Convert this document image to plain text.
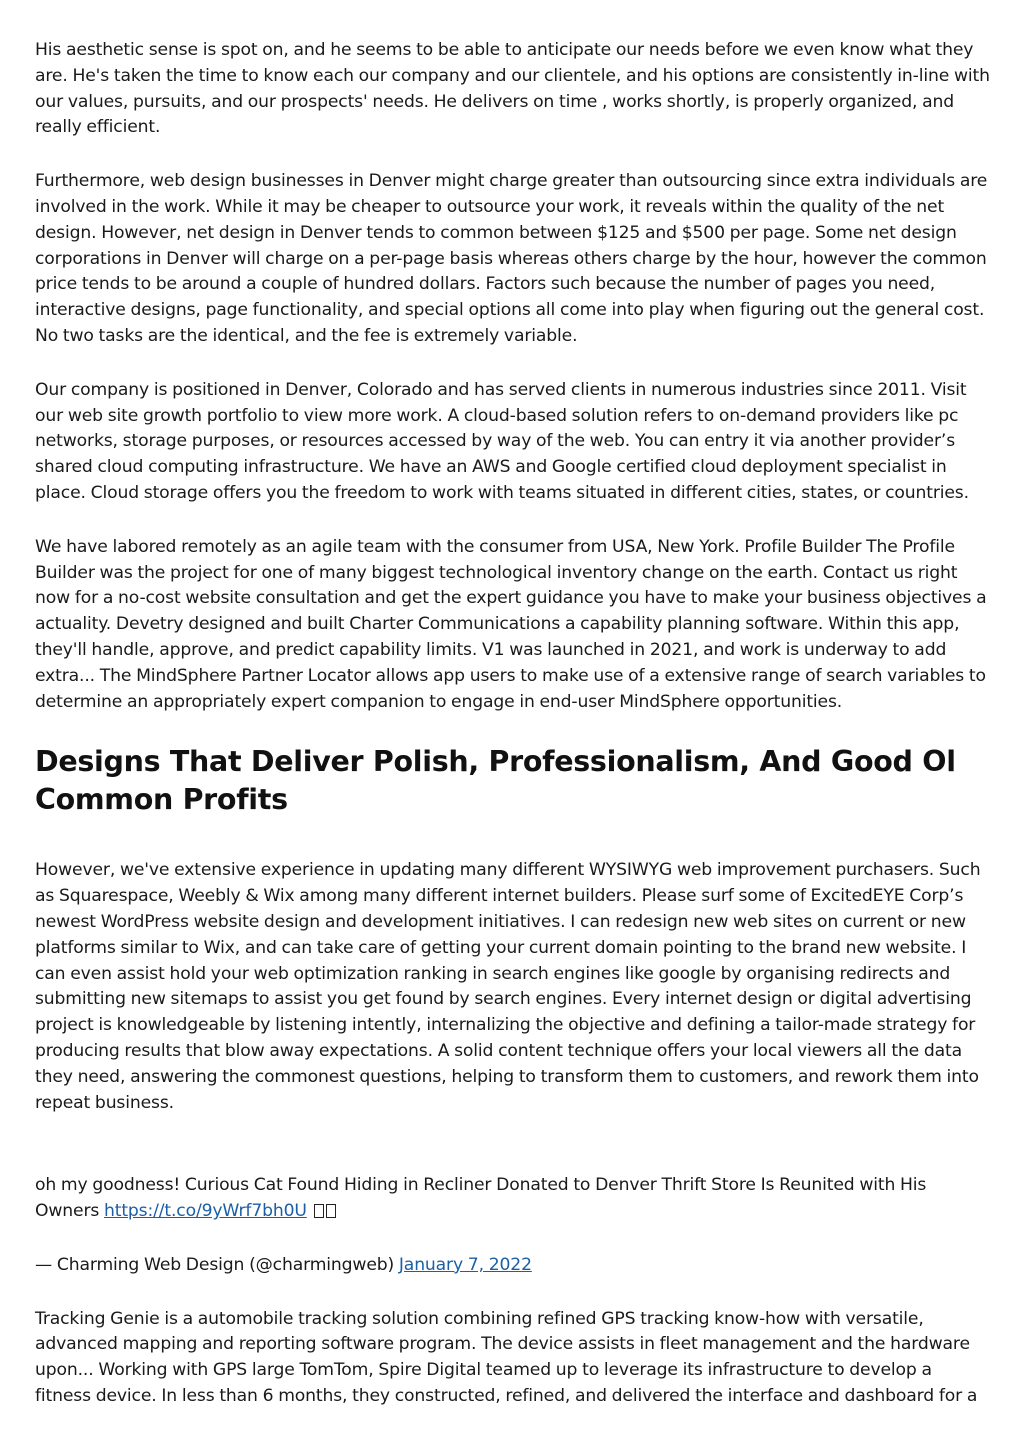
His aesthetic sense is spot on, and he seems to be able to anticipate our needs before we even know what they are. He's taken the time to know each our company and our clientele, and his options are consistently in-line with our values, pursuits, and our prospects' needs. He delivers on time , works shortly, is properly organized, and really efficient.

Furthermore, web design businesses in Denver might charge greater than outsourcing since extra individuals are involved in the work. While it may be cheaper to outsource your work, it reveals within the quality of the net design. However, net design in Denver tends to common between $125 and $500 per page. Some net design corporations in Denver will charge on a per-page basis whereas others charge by the hour, however the common price tends to be around a couple of hundred dollars. Factors such because the number of pages you need, interactive designs, page functionality, and special options all come into play when figuring out the general cost. No two tasks are the identical, and the fee is extremely variable.

Our company is positioned in Denver, Colorado and has served clients in numerous industries since 2011. Visit our web site growth portfolio to view more work. A cloud-based solution refers to on-demand providers like pc networks, storage purposes, or resources accessed by way of the web. You can entry it via another provider’s shared cloud computing infrastructure. We have an AWS and Google certified cloud deployment specialist in place. Cloud storage offers you the freedom to work with teams situated in different cities, states, or countries.

We have labored remotely as an agile team with the consumer from USA, New York. Profile Builder The Profile Builder was the project for one of many biggest technological inventory change on the earth. Contact us right now for a no-cost website consultation and get the expert guidance you have to make your business objectives a actuality. Devetry designed and built Charter Communications a capability planning software. Within this app, they'll handle, approve, and predict capability limits. V1 was launched in 2021, and work is underway to add extra... The MindSphere Partner Locator allows app users to make use of a extensive range of search variables to determine an appropriately expert companion to engage in end-user MindSphere opportunities.

Designs That Deliver Polish, Professionalism, And Good Ol Common Profits

However, we've extensive experience in updating many different WYSIWYG web improvement purchasers. Such as Squarespace, Weebly & Wix among many different internet builders. Please surf some of ExcitedEYE Corp’s newest WordPress website design and development initiatives. I can redesign new web sites on current or new platforms similar to Wix, and can take care of getting your current domain pointing to the brand new website. I can even assist hold your web optimization ranking in search engines like google by organising redirects and submitting new sitemaps to assist you get found by search engines. Every internet design or digital advertising project is knowledgeable by listening intently, internalizing the objective and defining a tailor-made strategy for producing results that blow away expectations. A solid content technique offers your local viewers all the data they need, answering the commonest questions, helping to transform them to customers, and rework them into repeat business.

oh my goodness! Curious Cat Found Hiding in Recliner Donated to Denver Thrift Store Is Reunited with His Owners https://t.co/9yWrf7bh0U

— Charming Web Design (@charmingweb) January 7, 2022

Tracking Genie is a automobile tracking solution combining refined GPS tracking know-how with versatile, advanced mapping and reporting software program. The device assists in fleet management and the hardware upon... Working with GPS large TomTom, Spire Digital teamed up to leverage its infrastructure to develop a fitness device. In less than 6 months, they constructed, refined, and delivered the interface and dashboard for a
